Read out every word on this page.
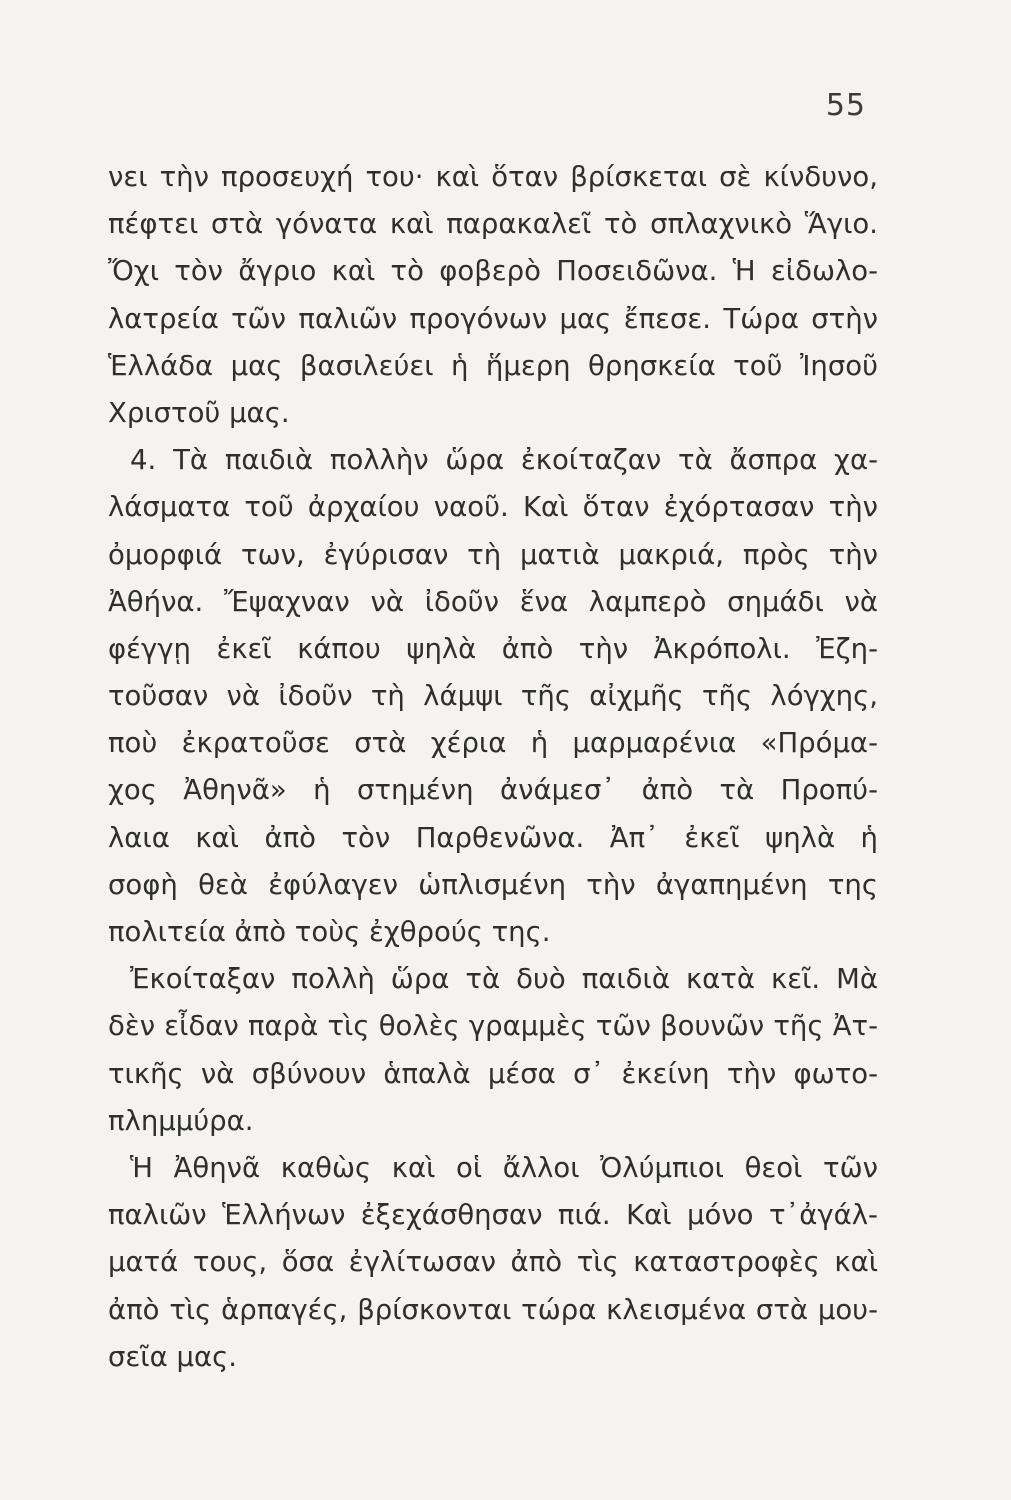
55
νει τὴν προσευχή του· καὶ ὅταν βρίσκεται σὲ κίνδυνο,
πέφτει στὰ γόνατα καὶ παρακαλεῖ τὸ σπλαχνικὸ Ἅγιο.
Ὄχι τὸν ἄγριο καὶ τὸ φοβερὸ Ποσειδῶνα. Ἡ εἰδωλο-
λατρεία τῶν παλιῶν προγόνων μας ἔπεσε. Τώρα στὴν
Ἑλλάδα μας βασιλεύει ἡ ἥμερη θρησκεία τοῦ Ἰησοῦ
Χριστοῦ μας.
4. Τὰ παιδιὰ πολλὴν ὥρα ἐκοίταζαν τὰ ἄσπρα χα-
λάσματα τοῦ ἀρχαίου ναοῦ. Καὶ ὅταν ἐχόρτασαν τὴν
ὀμορφιά των, ἐγύρισαν τὴ ματιὰ μακριά, πρὸς τὴν
Ἀθήνα. Ἔψαχναν νὰ ἰδοῦν ἕνα λαμπερὸ σημάδι νὰ
φέγγῃ ἐκεῖ κάπου ψηλὰ ἀπὸ τὴν Ἀκρόπολι. Ἐζη-
τοῦσαν νὰ ἰδοῦν τὴ λάμψι τῆς αἰχμῆς τῆς λόγχης,
ποὺ ἐκρατοῦσε στὰ χέρια ἡ μαρμαρένια «Πρόμα-
χος Ἀθηνᾶ» ἡ στημένη ἀνάμεσ᾽ ἀπὸ τὰ Προπύ-
λαια καὶ ἀπὸ τὸν Παρθενῶνα. Ἀπ᾽ ἐκεῖ ψηλὰ ἡ
σοφὴ θεὰ ἐφύλαγεν ὡπλισμένη τὴν ἀγαπημένη της
πολιτεία ἀπὸ τοὺς ἐχθρούς της.
Ἐκοίταξαν πολλὴ ὥρα τὰ δυὸ παιδιὰ κατὰ κεῖ. Μὰ
δὲν εἶδαν παρὰ τὶς θολὲς γραμμὲς τῶν βουνῶν τῆς Ἀτ-
τικῆς νὰ σβύνουν ἁπαλὰ μέσα σ᾽ ἐκείνη τὴν φωτο-
πλημμύρα.
Ἡ Ἀθηνᾶ καθὼς καὶ οἱ ἄλλοι Ὀλύμπιοι θεοὶ τῶν
παλιῶν Ἑλλήνων ἐξεχάσθησαν πιά. Καὶ μόνο τ᾽ἀγάλ-
ματά τους, ὅσα ἐγλίτωσαν ἀπὸ τὶς καταστροφὲς καὶ
ἀπὸ τὶς ἁρπαγές, βρίσκονται τώρα κλεισμένα στὰ μου-
σεῖα μας.
